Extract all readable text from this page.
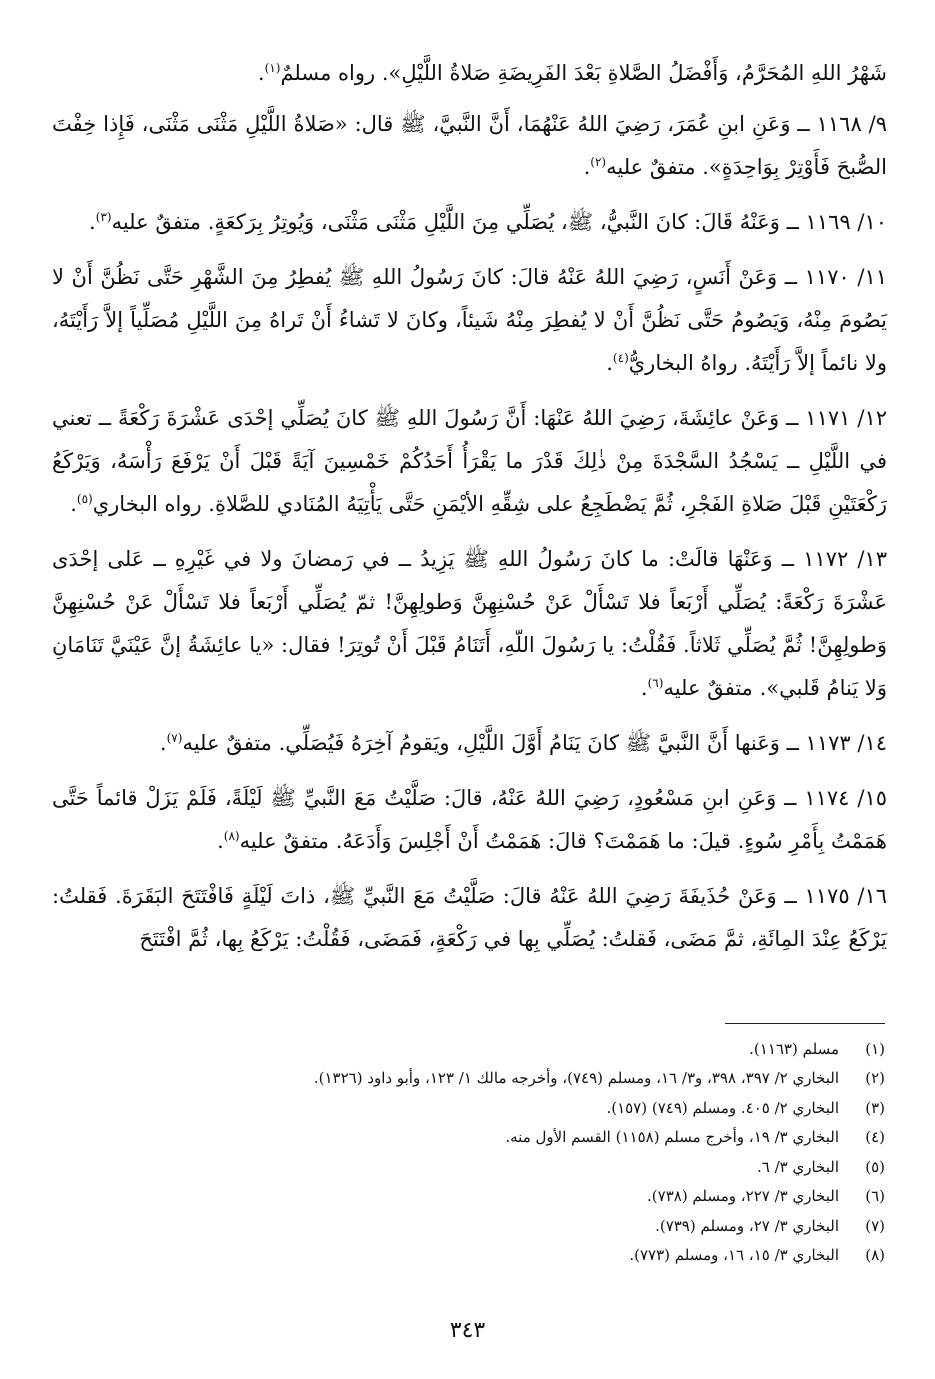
شَهْرُ اللهِ المُحَرَّمُ، وَأَفْضَلُ الصَّلاةِ بَعْدَ الفَرِيضَةِ صَلاةُ اللَّيْلِ». رواه مسلمٌ$^{(١)}$.

٩/ ١١٦٨ ــ وَعَنِ ابنِ عُمَرَ، رَضِيَ اللهُ عَنْهُمَا، أَنَّ النَّبيَّ، ﷺ قال: «صَلاةُ اللَّيْلِ مَثْنَى مَثْنَى، فَإِذا خِفْتَ الصُّبحَ فَأَوْتِرْ بِوَاحِدَةٍ». متفقٌ عليه$^{(٢)}$.

١٠/ ١١٦٩ ــ وَعَنْهُ قَالَ: كانَ النَّبيُّ، ﷺ، يُصَلِّي مِنَ اللَّيْلِ مَثْنَى مَثْنَى، وَيُوتِرُ بِرَكعَةٍ. متفقٌ عليه$^{(٣)}$.

١١/ ١١٧٠ ــ وَعَنْ أَنَسٍ، رَضِيَ اللهُ عَنْهُ قالَ: كانَ رَسُولُ اللهِ ﷺ يُفطِرُ مِنَ الشَّهْرِ حَتَّى نَظُنَّ أَنْ لا يَصُومَ مِنْهُ، وَيَصُومُ حَتَّى نَظُنَّ أَنْ لا يُفطِرَ مِنْهُ شَيئاً، وكانَ لا تَشاءُ أَنْ تَراهُ مِنَ اللَّيْلِ مُصَلِّياً إلاَّ رَأَيْتَهُ، ولا نائماً إلاَّ رَأَيْتَهُ. رواهُ البخاريُّ$^{(٤)}$.

١٢/ ١١٧١ ــ وَعَنْ عائِشَةَ، رَضِيَ اللهُ عَنْهَا: أَنَّ رَسُولَ اللهِ ﷺ كانَ يُصَلِّي إحْدَى عَشْرَةَ رَكْعَةً ــ تعني في اللَّيْلِ ــ يَسْجُدُ السَّجْدَةَ مِنْ ذٰلِكَ قَدْرَ ما يَقْرَأُ أَحَدُكُمْ خَمْسِينَ آيَةً قَبْلَ أَنْ يَرْفَعَ رَأْسَهُ، وَيَرْكَعُ رَكْعَتَيْنِ قَبْلَ صَلاةِ الفَجْرِ، ثُمَّ يَضْطَجِعُ على شِقِّهِ الأيْمَنِ حَتَّى يَأْتِيَهُ المُنَادي للصَّلاةِ. رواه البخاري$^{(٥)}$.

١٣/ ١١٧٢ ــ وَعَنْهَا قالَتْ: ما كانَ رَسُولُ اللهِ ﷺ يَزِيدُ ــ في رَمضانَ ولا في غَيْرِهِ ــ عَلى إحْدَى عَشْرَةَ رَكْعَةً: يُصَلِّي أَرْبَعاً فلا تَسْأَلْ عَنْ حُسْنِهِنَّ وَطولِهِنَّ! ثمّ يُصَلِّي أَرْبَعاً فلا تَسْأَلْ عَنْ حُسْنِهِنَّ وَطولِهِنَّ! ثُمَّ يُصَلِّي ثَلاثاً. فَقُلْتُ: يا رَسُولَ اللّهِ، أَتَنَامُ قَبْلَ أَنْ تُوتِرَ! فقال: «يا عائِشَةُ إنَّ عَيْنَيَّ تَنَامَانِ وَلا يَنامُ قَلبي». متفقٌ عليه$^{(٦)}$.

١٤/ ١١٧٣ ــ وَعَنها أَنَّ النَّبيَّ ﷺ كانَ يَنَامُ أَوَّلَ اللَّيْلِ، ويَقومُ آخِرَهُ فَيُصَلِّي. متفقٌ عليه$^{(٧)}$.

١٥/ ١١٧٤ ــ وَعَنِ ابنِ مَسْعُودٍ، رَضِيَ اللهُ عَنْهُ، قالَ: صَلَّيْتُ مَعَ النَّبيِّ ﷺ لَيْلَةً، فَلَمْ يَزَلْ قائماً حَتَّى هَمَمْتُ بِأَمْرِ سُوءٍ. قيلَ: ما هَمَمْتَ؟ قالَ: هَمَمْتُ أَنْ أَجْلِسَ وَأَدَعَهُ. متفقٌ عليه$^{(٨)}$.

١٦/ ١١٧٥ ــ وَعَنْ حُذَيفَةَ رَضِيَ اللهُ عَنْهُ قالَ: صَلَّيْتُ مَعَ النَّبيِّ ﷺ، ذاتَ لَيْلَةٍ فَافْتَتَحَ البَقَرَةَ. فَقلتُ: يَرْكَعُ عِنْدَ المِائَةِ، ثمَّ مَضَى، فَقلتُ: يُصَلِّي بِها في رَكْعَةٍ، فَمَضَى، فَقُلْتُ: يَرْكَعُ بِها، ثُمَّ افْتَتَحَ

(١)
مسلم (١١٦٣).
(٢)
البخاري ٢/ ٣٩٧، ٣٩٨، و٣/ ١٦، ومسلم (٧٤٩)، وأخرجه مالك ١/ ١٢٣، وأبو داود (١٣٢٦).
(٣)
البخاري ٢/ ٤٠٥. ومسلم (٧٤٩) (١٥٧).
(٤)
البخاري ٣/ ١٩، وأخرج مسلم (١١٥٨) القسم الأول منه.
(٥)
البخاري ٣/ ٦.
(٦)
البخاري ٣/ ٢٢٧، ومسلم (٧٣٨).
(٧)
البخاري ٣/ ٢٧، ومسلم (٧٣٩).
(٨)
البخاري ٣/ ١٥، ١٦، ومسلم (٧٧٣).
٣٤٣
